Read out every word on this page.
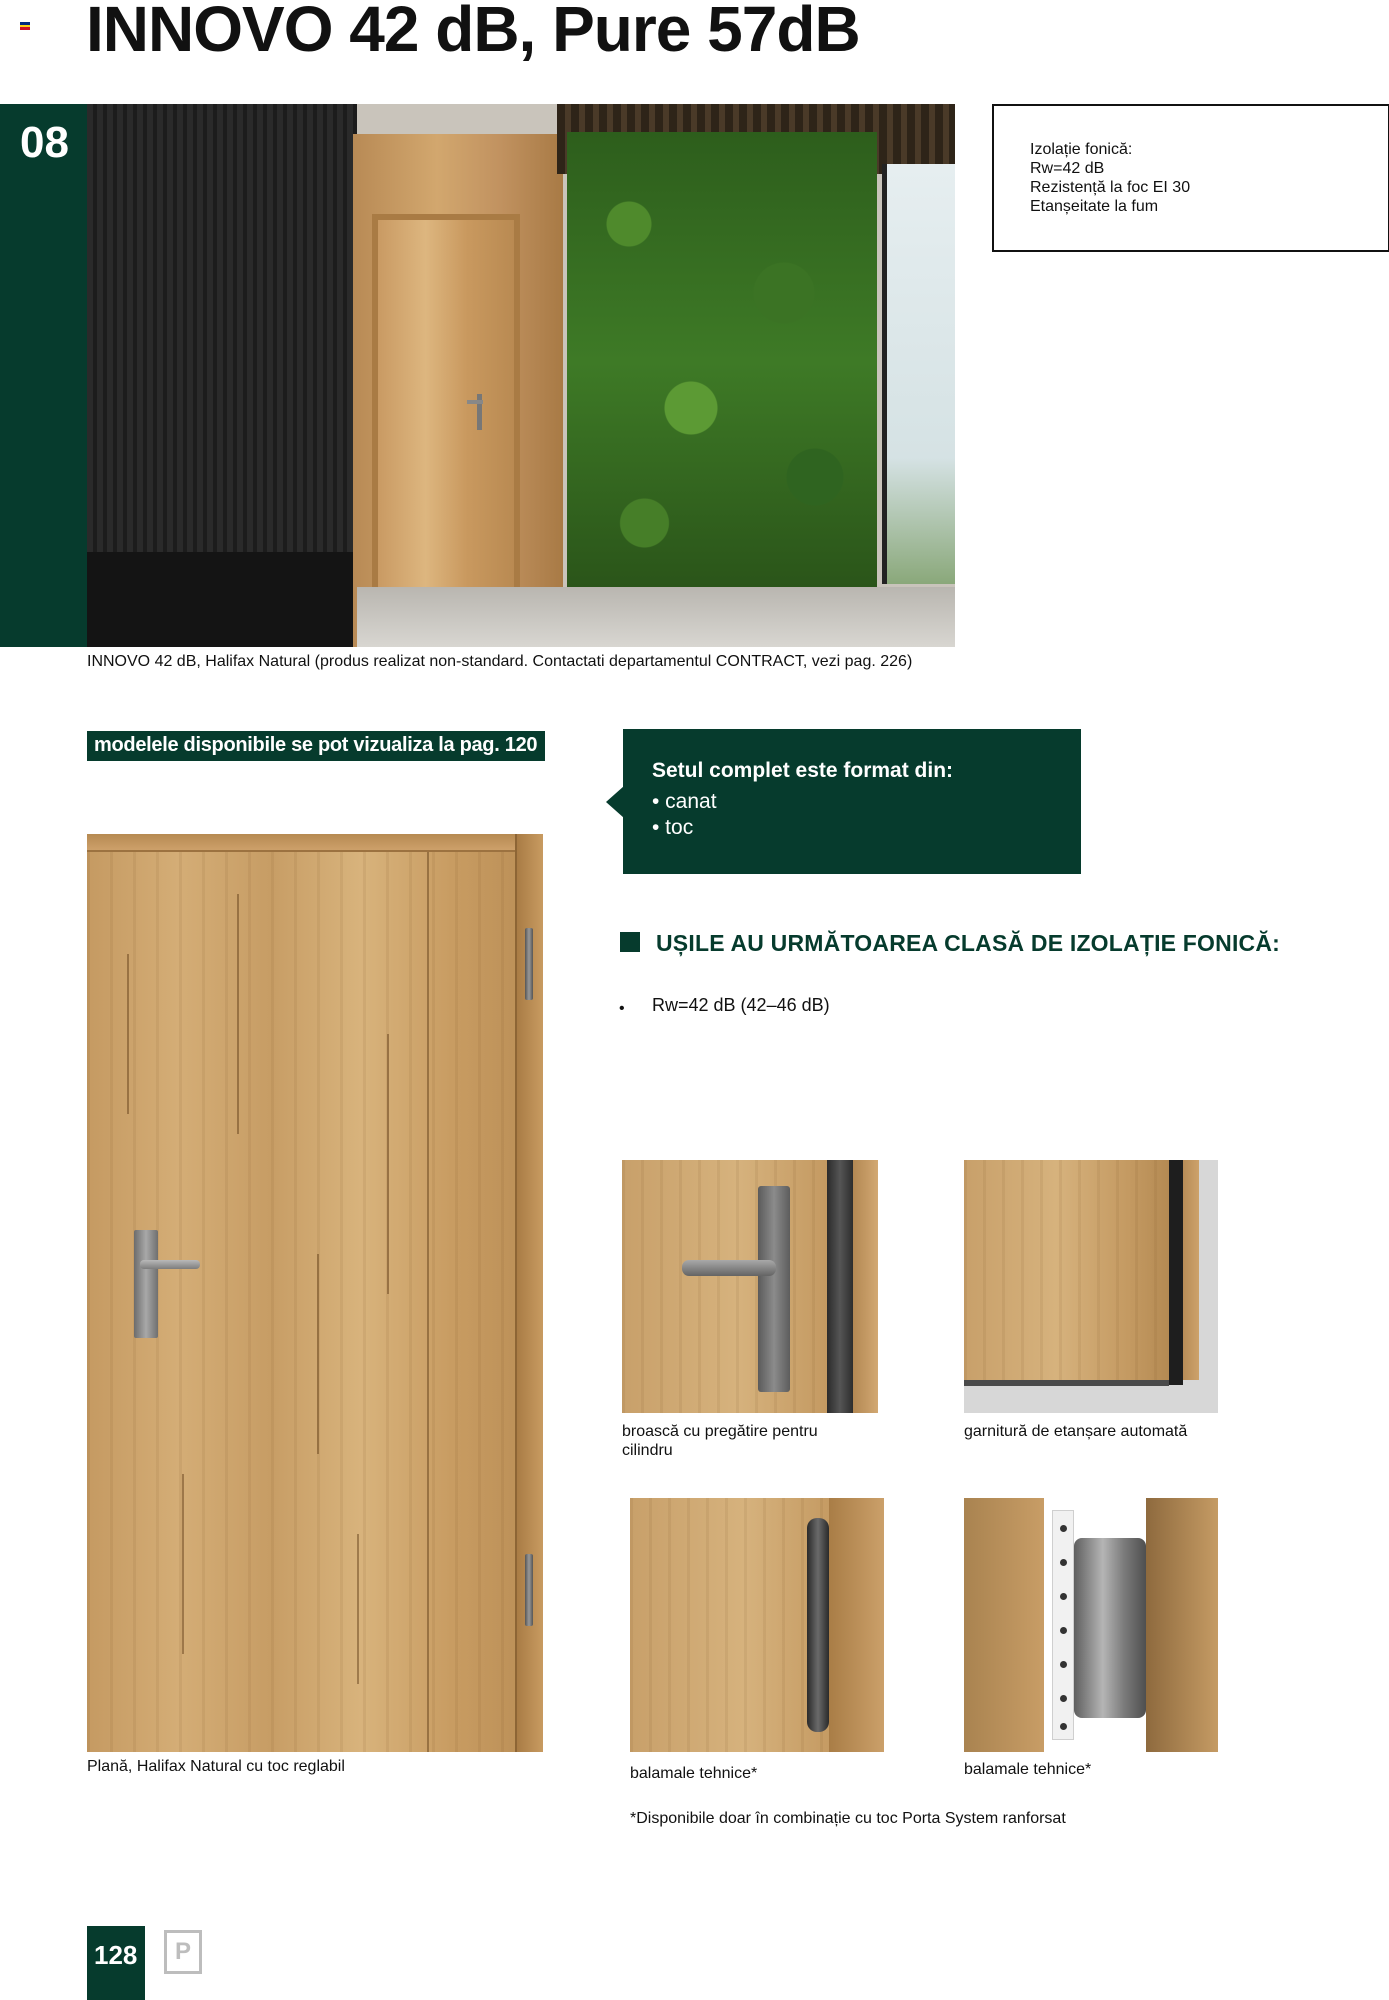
INNOVO 42 dB, Pure 57dB
08
INNOVO 42 dB, Halifax Natural (produs realizat non-standard. Contactati departamentul CONTRACT, vezi pag. 226)
Izolație fonică:
Rw=42 dB
Rezistență la foc EI 30
Etanșeitate la fum
modelele disponibile se pot vizualiza la pag. 120
Plană, Halifax Natural cu toc reglabil
Setul complet este format din:
• canat
• toc
UȘILE AU URMĂTOAREA CLASĂ DE IZOLAȚIE FONICĂ:
• Rw=42 dB (42–46 dB)
broască cu pregătire pentru cilindru
garnitură de etanșare automată
balamale tehnice*	balamale tehnice*
*Disponibile doar în combinație cu toc Porta System ranforsat
128	P
